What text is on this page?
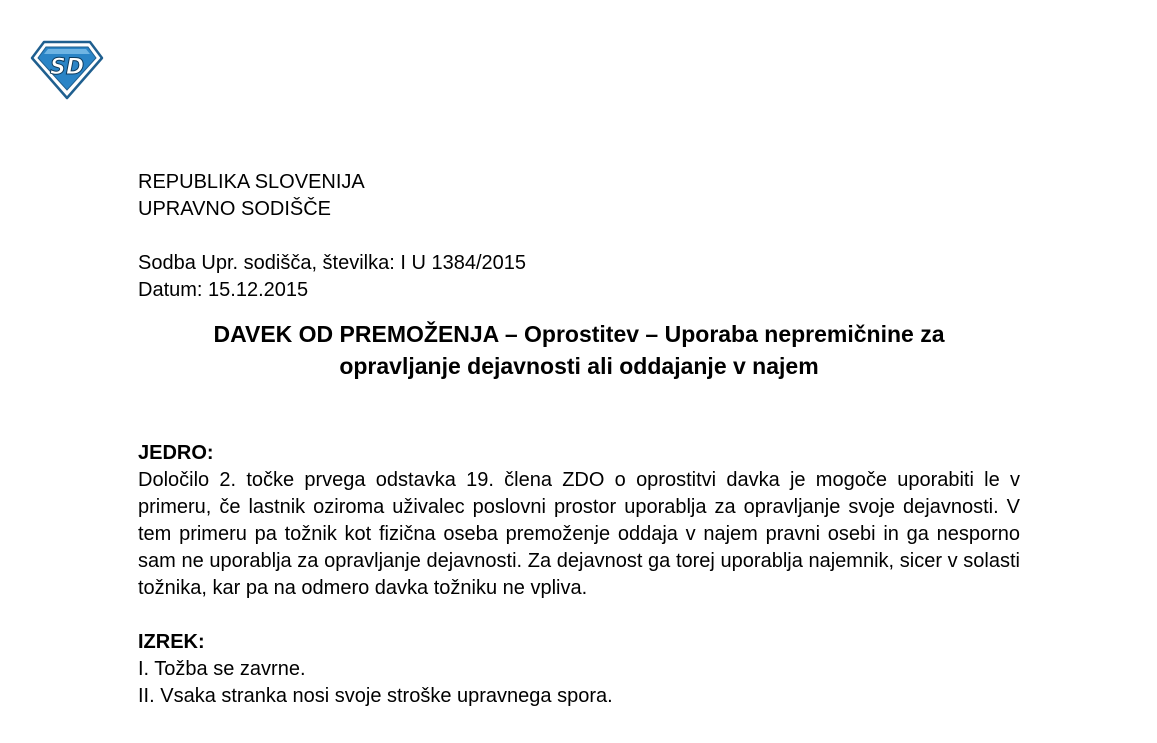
SD

REPUBLIKA SLOVENIJA

UPRAVNO SODIŠČE

Sodba Upr. sodišča, številka: I U 1384/2015

Datum: 15.12.2015

DAVEK OD PREMOŽENJA – Oprostitev – Uporaba nepremičnine za
opravljanje dejavnosti ali oddajanje v najem

JEDRO:

Določilo 2. točke prvega odstavka 19. člena ZDO o oprostitvi davka je mogoče uporabiti le v primeru, če lastnik oziroma uživalec poslovni prostor uporablja za opravljanje svoje dejavnosti. V tem primeru pa tožnik kot fizična oseba premoženje oddaja v najem pravni osebi in ga nesporno sam ne uporablja za opravljanje dejavnosti. Za dejavnost ga torej uporablja najemnik, sicer v solasti tožnika, kar pa na odmero davka tožniku ne vpliva.

IZREK:

I. Tožba se zavrne.

II. Vsaka stranka nosi svoje stroške upravnega spora.
